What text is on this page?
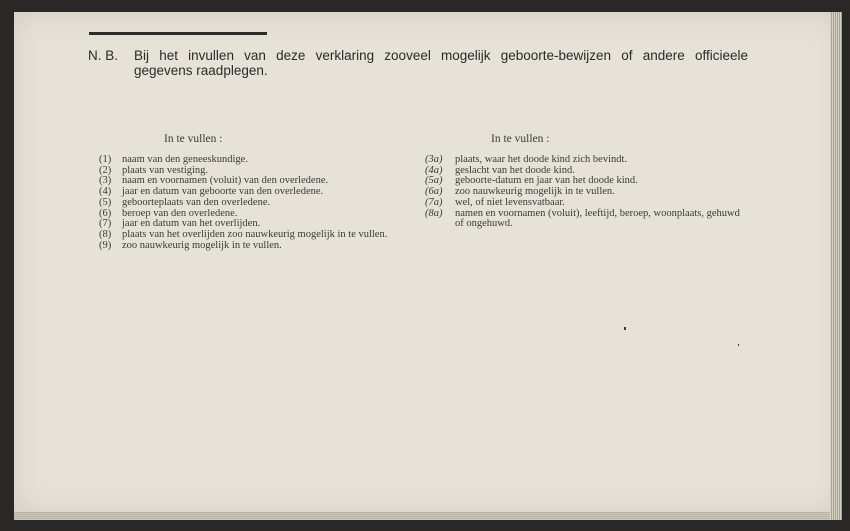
N. B. Bij het invullen van deze verklaring zooveel mogelijk geboorte-bewijzen of andere officieele
gegevens raadplegen.
In te vullen :	In te vullen :
(1) naam van den geneeskundige.
(2) plaats van vestiging.
(3) naam en voornamen (voluit) van den overledene.
(4) jaar en datum van geboorte van den overledene.
(5) geboorteplaats van den overledene.
(6) beroep van den overledene.
(7) jaar en datum van het overlijden.
(8) plaats van het overlijden zoo nauwkeurig mogelijk in te vullen.
(9) zoo nauwkeurig mogelijk in te vullen.
(3a) plaats, waar het doode kind zich bevindt.
(4a) geslacht van het doode kind.
(5a) geboorte-datum en jaar van het doode kind.
(6a) zoo nauwkeurig mogelijk in te vullen.
(7a) wel, of niet levensvatbaar.
(8a) namen en voornamen (voluit), leeftijd, beroep, woonplaats, gehuwd of ongehuwd.
